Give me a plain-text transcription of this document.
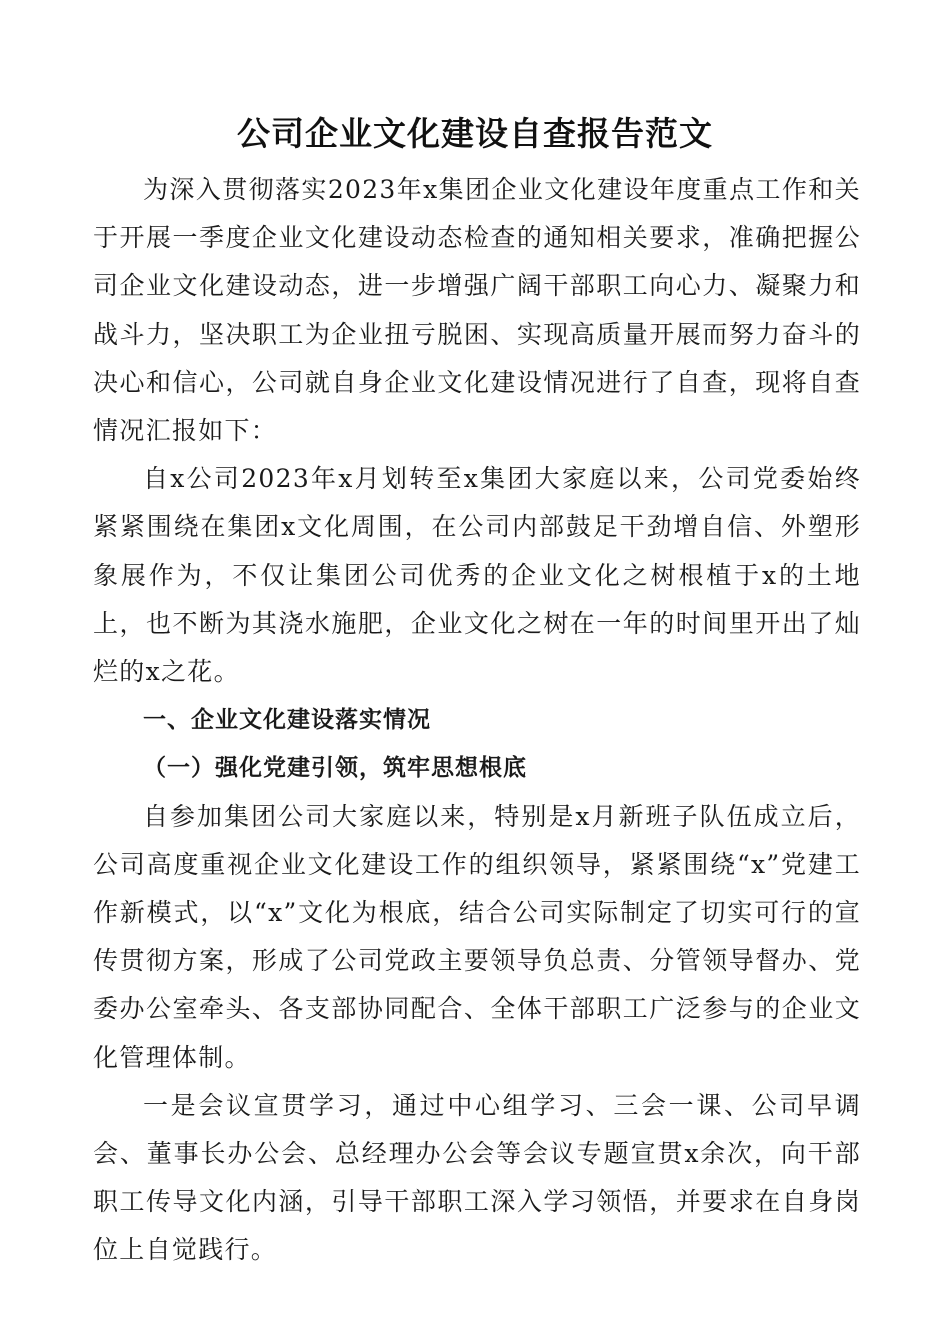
公司企业文化建设自查报告范文

为深入贯彻落实2023年x集团企业文化建设年度重点工作和关于开展一季度企业文化建设动态检查的通知相关要求，准确把握公司企业文化建设动态，进一步增强广阔干部职工向心力、凝聚力和战斗力，坚决职工为企业扭亏脱困、实现高质量开展而努力奋斗的决心和信心，公司就自身企业文化建设情况进行了自查，现将自查情况汇报如下：

自x公司2023年x月划转至x集团大家庭以来，公司党委始终紧紧围绕在集团x文化周围，在公司内部鼓足干劲增自信、外塑形象展作为，不仅让集团公司优秀的企业文化之树根植于x的土地上，也不断为其浇水施肥，企业文化之树在一年的时间里开出了灿烂的x之花。

一、企业文化建设落实情况
（一）强化党建引领，筑牢思想根底

自参加集团公司大家庭以来，特别是x月新班子队伍成立后，公司高度重视企业文化建设工作的组织领导，紧紧围绕“x”党建工作新模式，以“x”文化为根底，结合公司实际制定了切实可行的宣传贯彻方案，形成了公司党政主要领导负总责、分管领导督办、党委办公室牵头、各支部协同配合、全体干部职工广泛参与的企业文化管理体制。

一是会议宣贯学习，通过中心组学习、三会一课、公司早调会、董事长办公会、总经理办公会等会议专题宣贯x余次，向干部职工传导文化内涵，引导干部职工深入学习领悟，并要求在自身岗位上自觉践行。
